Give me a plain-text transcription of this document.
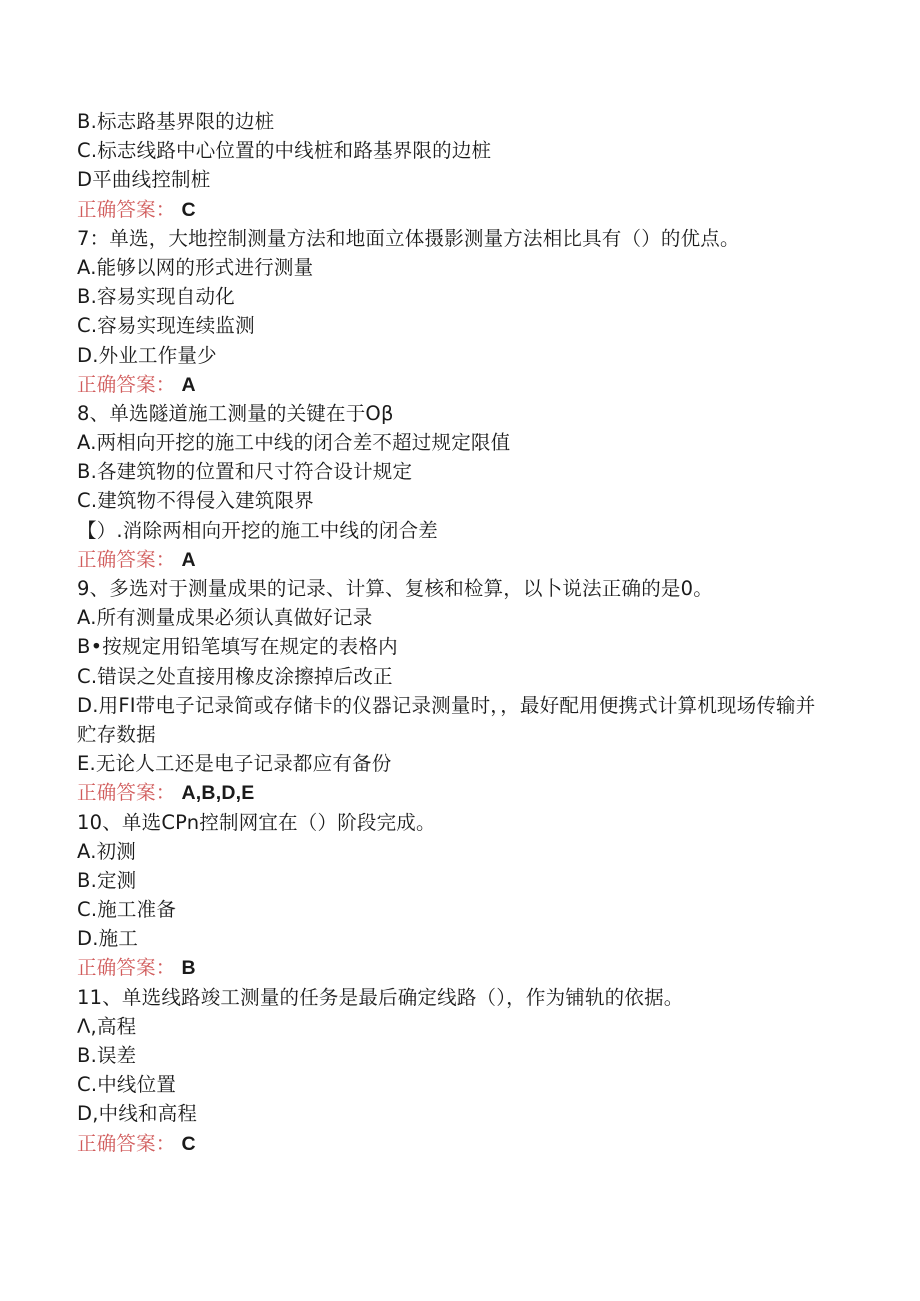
B.标志路基界限的边桩
C.标志线路中心位置的中线桩和路基界限的边桩
D平曲线控制桩
正确答案： C
7：单选，大地控制测量方法和地面立体摄影测量方法相比具有（）的优点。
A.能够以网的形式进行测量
B.容易实现自动化
C.容易实现连续监测
D.外业工作量少
正确答案： A
8、单选隧道施工测量的关键在于Oβ
A.两相向开挖的施工中线的闭合差不超过规定限值
B.各建筑物的位置和尺寸符合设计规定
C.建筑物不得侵入建筑限界
【）.消除两相向开挖的施工中线的闭合差
正确答案： A
9、多选对于测量成果的记录、计算、复核和检算，以卜说法正确的是0。
A.所有测量成果必须认真做好记录
B•按规定用铅笔填写在规定的表格内
C.错误之处直接用橡皮涂擦掉后改正
D.用FI带电子记录简或存储卡的仪器记录测量时，，最好配用便携式计算机现场传输并贮存数据
E.无论人工还是电子记录都应有备份
正确答案： A,B,D,E
10、单选CPn控制网宜在（）阶段完成。
A.初测
B.定测
C.施工准备
D.施工
正确答案： B
11、单选线路竣工测量的任务是最后确定线路（），作为铺轨的依据。
Λ,高程
B.误差
C.中线位置
D,中线和高程
正确答案： C
